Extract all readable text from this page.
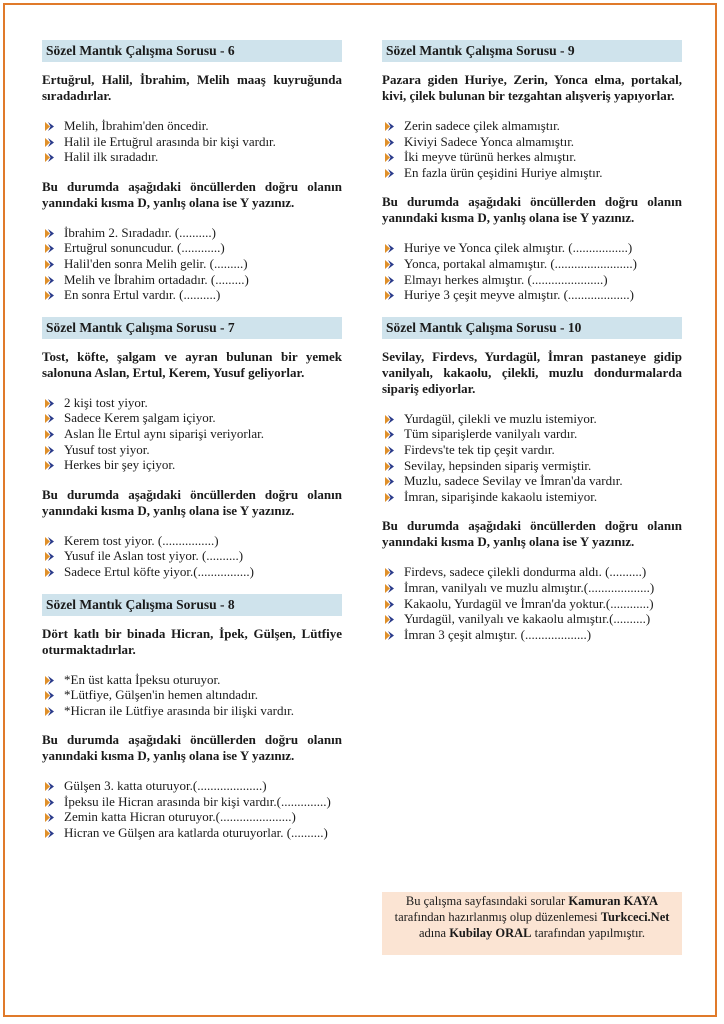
Sözel Mantık Çalışma Sorusu - 6

Ertuğrul, Halil, İbrahim, Melih maaş kuyruğunda sıradadırlar.

Melih, İbrahim'den öncedir.
Halil ile Ertuğrul arasında bir kişi vardır.
Halil ilk sıradadır.

Bu durumda aşağıdaki öncüllerden doğru olanın yanındaki kısma D, yanlış olana ise Y yazınız.

İbrahim 2. Sıradadır. (..........)
Ertuğrul sonuncudur. (............)
Halil'den sonra Melih gelir. (.........)
Melih ve İbrahim ortadadır. (.........)
En sonra Ertul vardır. (..........)
Sözel Mantık Çalışma Sorusu - 7

Tost, köfte, şalgam ve ayran bulunan bir yemek salonuna Aslan, Ertul, Kerem, Yusuf geliyorlar.

2 kişi tost yiyor.
Sadece Kerem şalgam içiyor.
Aslan İle Ertul aynı siparişi veriyorlar.
Yusuf tost yiyor.
Herkes bir şey içiyor.

Bu durumda aşağıdaki öncüllerden doğru olanın yanındaki kısma D, yanlış olana ise Y yazınız.

Kerem tost yiyor. (................)
Yusuf ile Aslan tost yiyor. (..........)
Sadece Ertul köfte yiyor.(................)
Sözel Mantık Çalışma Sorusu - 8

Dört katlı bir binada Hicran, İpek, Gülşen, Lütfiye oturmaktadırlar.

*En üst katta İpeksu oturuyor.
*Lütfiye, Gülşen'in hemen altındadır.
*Hicran ile Lütfiye arasında bir ilişki vardır.

Bu durumda aşağıdaki öncüllerden doğru olanın yanındaki kısma D, yanlış olana ise Y yazınız.

Gülşen 3. katta oturuyor.(....................)
İpeksu ile Hicran arasında bir kişi vardır.(..............)
Zemin katta Hicran oturuyor.(......................)
Hicran ve Gülşen ara katlarda oturuyorlar. (..........)
Sözel Mantık Çalışma Sorusu - 9

Pazara giden Huriye, Zerin, Yonca elma, portakal, kivi, çilek bulunan bir tezgahtan alışveriş yapıyorlar.

Zerin sadece çilek almamıştır.
Kiviyi Sadece Yonca almamıştır.
İki meyve türünü herkes almıştır.
En fazla ürün çeşidini Huriye almıştır.

Bu durumda aşağıdaki öncüllerden doğru olanın yanındaki kısma D, yanlış olana ise Y yazınız.

Huriye ve Yonca çilek almıştır. (.................)
Yonca, portakal almamıştır. (........................)
Elmayı herkes almıştır. (......................)
Huriye 3 çeşit meyve almıştır. (...................)
Sözel Mantık Çalışma Sorusu - 10

Sevilay, Firdevs, Yurdagül, İmran pastaneye gidip vanilyalı, kakaolu, çilekli, muzlu dondurmalarda sipariş ediyorlar.

Yurdagül, çilekli ve muzlu istemiyor.
Tüm siparişlerde vanilyalı vardır.
Firdevs'te tek tip çeşit vardır.
Sevilay, hepsinden sipariş vermiştir.
Muzlu, sadece Sevilay ve İmran'da vardır.
İmran, siparişinde kakaolu istemiyor.

Bu durumda aşağıdaki öncüllerden doğru olanın yanındaki kısma D, yanlış olana ise Y yazınız.

Firdevs, sadece çilekli dondurma aldı. (..........)
İmran, vanilyalı ve muzlu almıştır.(...................)
Kakaolu, Yurdagül ve İmran'da yoktur.(............)
Yurdagül, vanilyalı ve kakaolu almıştır.(..........)
İmran 3 çeşit almıştır. (...................)
Bu çalışma sayfasındaki sorular Kamuran KAYA tarafından hazırlanmış olup düzenlemesi Turkceci.Net adına Kubilay ORAL tarafından yapılmıştır.
